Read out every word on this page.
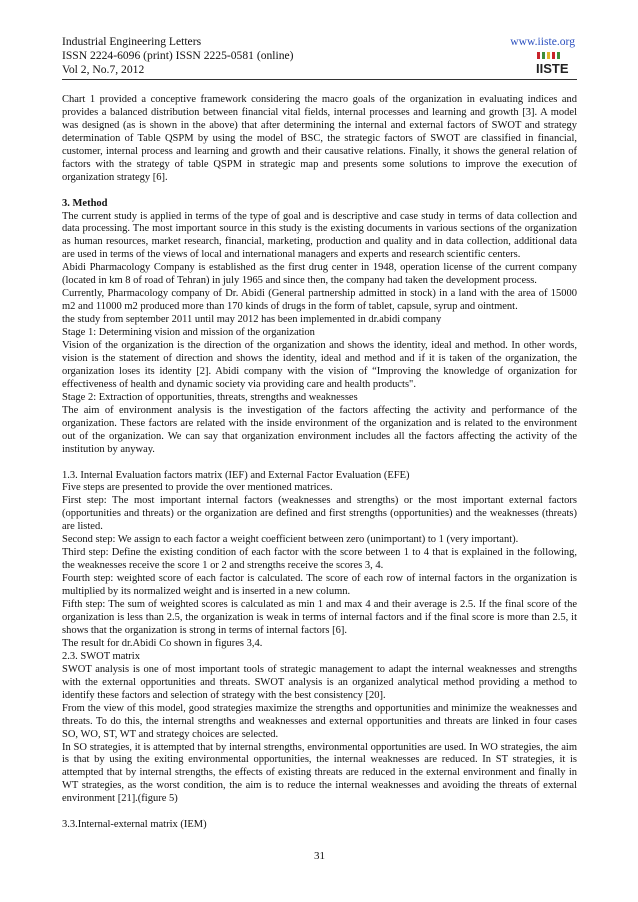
Industrial Engineering Letters
ISSN 2224-6096 (print) ISSN 2225-0581 (online)
Vol 2, No.7, 2012
www.iiste.org
IISTE

Chart 1 provided a conceptive framework considering the macro goals of the organization in evaluating indices and provides a balanced distribution between financial vital fields, internal processes and learning and growth [3]. A model was designed (as is shown in the above) that after determining the internal and external factors of SWOT and strategy determination of Table QSPM by using the model of BSC, the strategic factors of SWOT are classified in financial, customer, internal process and learning and growth and their causative relations. Finally, it shows the general relation of factors with the strategy of table QSPM in strategic map and presents some solutions to improve the execution of organization strategy [6].

3. Method

The current study is applied in terms of the type of goal and is descriptive and case study in terms of data collection and data processing. The most important source in this study is the existing documents in various sections of the organization as human resources, market research, financial, marketing, production and quality and in data collection, additional data are used in terms of the views of local and international managers and experts and research scientific centers.

Abidi Pharmacology Company is established as the first drug center in 1948, operation license of the current company (located in km 8 of road of Tehran) in july 1965 and since then, the company had taken the development process.

Currently, Pharmacology company of Dr. Abidi (General partnership admitted in stock) in a land with the area of 15000 m2 and 11000 m2 produced more than 170 kinds of drugs in the form of tablet, capsule, syrup and ointment.

the study from september 2011 until may 2012 has been implemented in dr.abidi company

Stage 1: Determining vision and mission of the organization

Vision of the organization is the direction of the organization and shows the identity, ideal and method. In other words, vision is the statement of direction and shows the identity, ideal and method and if it is taken of the organization, the organization loses its identity [2]. Abidi company with the vision of “Improving the knowledge of organization for effectiveness of health and dynamic society via providing care and health products".

Stage 2: Extraction of opportunities, threats, strengths and weaknesses

The aim of environment analysis is the investigation of the factors affecting the activity and performance of the organization. These factors are related with the inside environment of the organization and is related to the environment out of the organization. We can say that organization environment includes all the factors affecting the activity of the institution by anyway.

1.3. Internal Evaluation factors matrix (IEF) and External Factor Evaluation (EFE)

Five steps are presented to provide the over mentioned matrices.

First step: The most important internal factors (weaknesses and strengths) or the most important external factors (opportunities and threats) or the organization are defined and first strengths (opportunities) and the weaknesses (threats) are listed.

Second step: We assign to each factor a weight coefficient between zero (unimportant) to 1 (very important).

Third step: Define the existing condition of each factor with the score between 1 to 4 that is explained in the following, the weaknesses receive the score 1 or 2 and strengths receive the scores 3, 4.

Fourth step: weighted score of each factor is calculated. The score of each row of internal factors in the organization is multiplied by its normalized weight and is inserted in a new column.

Fifth step: The sum of weighted scores is calculated as min 1 and max 4 and their average is 2.5. If the final score of the organization is less than 2.5, the organization is weak in terms of internal factors and if the final score is more than 2.5, it shows that the organization is strong in terms of internal factors [6].

The result for dr.Abidi Co shown in figures 3,4.

2.3. SWOT matrix

SWOT analysis is one of most important tools of strategic management to adapt the internal weaknesses and strengths with the external opportunities and threats. SWOT analysis is an organized analytical method providing a method to identify these factors and selection of strategy with the best consistency [20].

From the view of this model, good strategies maximize the strengths and opportunities and minimize the weaknesses and threats. To do this, the internal strengths and weaknesses and external opportunities and threats are linked in four cases SO, WO, ST, WT and strategy choices are selected.

In SO strategies, it is attempted that by internal strengths, environmental opportunities are used. In WO strategies, the aim is that by using the exiting environmental opportunities, the internal weaknesses are reduced. In ST strategies, it is attempted that by internal strengths, the effects of existing threats are reduced in the external environment and finally in WT strategies, as the worst condition, the aim is to reduce the internal weaknesses and avoiding the threats of external environment [21].(figure 5)

3.3.Internal-external matrix (IEM)

31
